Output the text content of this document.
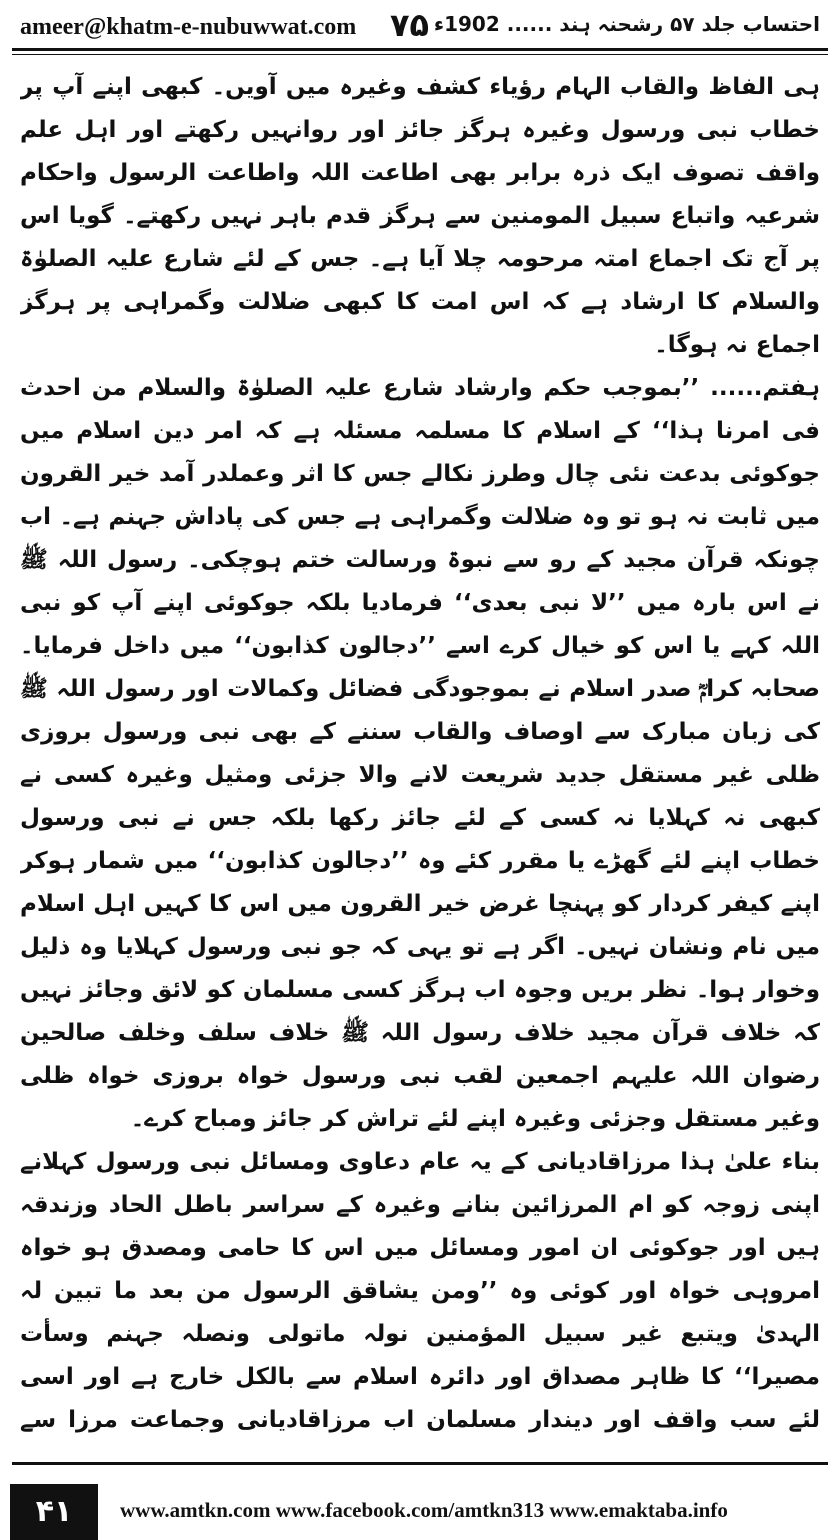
ameer@khatm-e-nubuwwat.com ۷۵ احتساب جلد ۵۷ رشحنہ ہند ...... 1902ء

ہی الفاظ والقاب الہام رؤیاء کشف وغیرہ میں آویں۔ کبھی اپنے آپ پر خطاب نبی ورسول وغیرہ ہرگز جائز اور روانہیں رکھتے اور اہل علم واقف تصوف ایک ذرہ برابر بھی اطاعت اللہ واطاعت الرسول واحکام شرعیہ واتباع سبیل المومنین سے ہرگز قدم باہر نہیں رکھتے۔ گویا اس پر آج تک اجماع امتہ مرحومہ چلا آیا ہے۔ جس کے لئے شارع علیہ الصلوٰۃ والسلام کا ارشاد ہے کہ اس امت کا کبھی ضلالت وگمراہی پر ہرگز اجماع نہ ہوگا۔

ہفتم...... ’’بموجب حکم وارشاد شارع علیہ الصلوٰۃ والسلام من احدث فی امرنا ہذا‘‘ کے اسلام کا مسلمہ مسئلہ ہے کہ امر دین اسلام میں جوکوئی بدعت نئی چال وطرز نکالے جس کا اثر وعملدر آمد خیر القرون میں ثابت نہ ہو تو وہ ضلالت وگمراہی ہے جس کی پاداش جہنم ہے۔ اب چونکہ قرآن مجید کے رو سے نبوۃ ورسالت ختم ہوچکی۔ رسول اللہ ﷺ نے اس بارہ میں ’’لا نبی بعدی‘‘ فرمادیا بلکہ جوکوئی اپنے آپ کو نبی اللہ کہے یا اس کو خیال کرے اسے ’’دجالون کذابون‘‘ میں داخل فرمایا۔ صحابہ کرامؓ صدر اسلام نے بموجودگی فضائل وکمالات اور رسول اللہ ﷺ کی زبان مبارک سے اوصاف والقاب سننے کے بھی نبی ورسول بروزی ظلی غیر مستقل جدید شریعت لانے والا جزئی ومثیل وغیرہ کسی نے کبھی نہ کہلایا نہ کسی کے لئے جائز رکھا بلکہ جس نے نبی ورسول خطاب اپنے لئے گھڑے یا مقرر کئے وہ ’’دجالون کذابون‘‘ میں شمار ہوکر اپنے کیفر کردار کو پہنچا غرض خیر القرون میں اس کا کہیں اہل اسلام میں نام ونشان نہیں۔ اگر ہے تو یہی کہ جو نبی ورسول کہلایا وہ ذلیل وخوار ہوا۔ نظر بریں وجوہ اب ہرگز کسی مسلمان کو لائق وجائز نہیں کہ خلاف قرآن مجید خلاف رسول اللہ ﷺ خلاف سلف وخلف صالحین رضوان اللہ علیہم اجمعین لقب نبی ورسول خواہ بروزی خواہ ظلی وغیر مستقل وجزئی وغیرہ اپنے لئے تراش کر جائز ومباح کرے۔

بناء علیٰ ہذا مرزاقادیانی کے یہ عام دعاوی ومسائل نبی ورسول کہلانے اپنی زوجہ کو ام المرزائین بنانے وغیرہ کے سراسر باطل الحاد وزندقہ ہیں اور جوکوئی ان امور ومسائل میں اس کا حامی ومصدق ہو خواہ امروہی خواہ اور کوئی وہ ’’ومن یشاقق الرسول من بعد ما تبین لہ الہدیٰ ویتبع غیر سبیل المؤمنین نولہ ماتولی ونصلہ جہنم وسأت مصیرا‘‘ کا ظاہر مصداق اور دائرہ اسلام سے بالکل خارج ہے اور اسی لئے سب واقف اور دیندار مسلمان اب مرزاقادیانی وجماعت مرزا سے

۴۱	www.amtkn.com www.facebook.com/amtkn313 www.emaktaba.info
